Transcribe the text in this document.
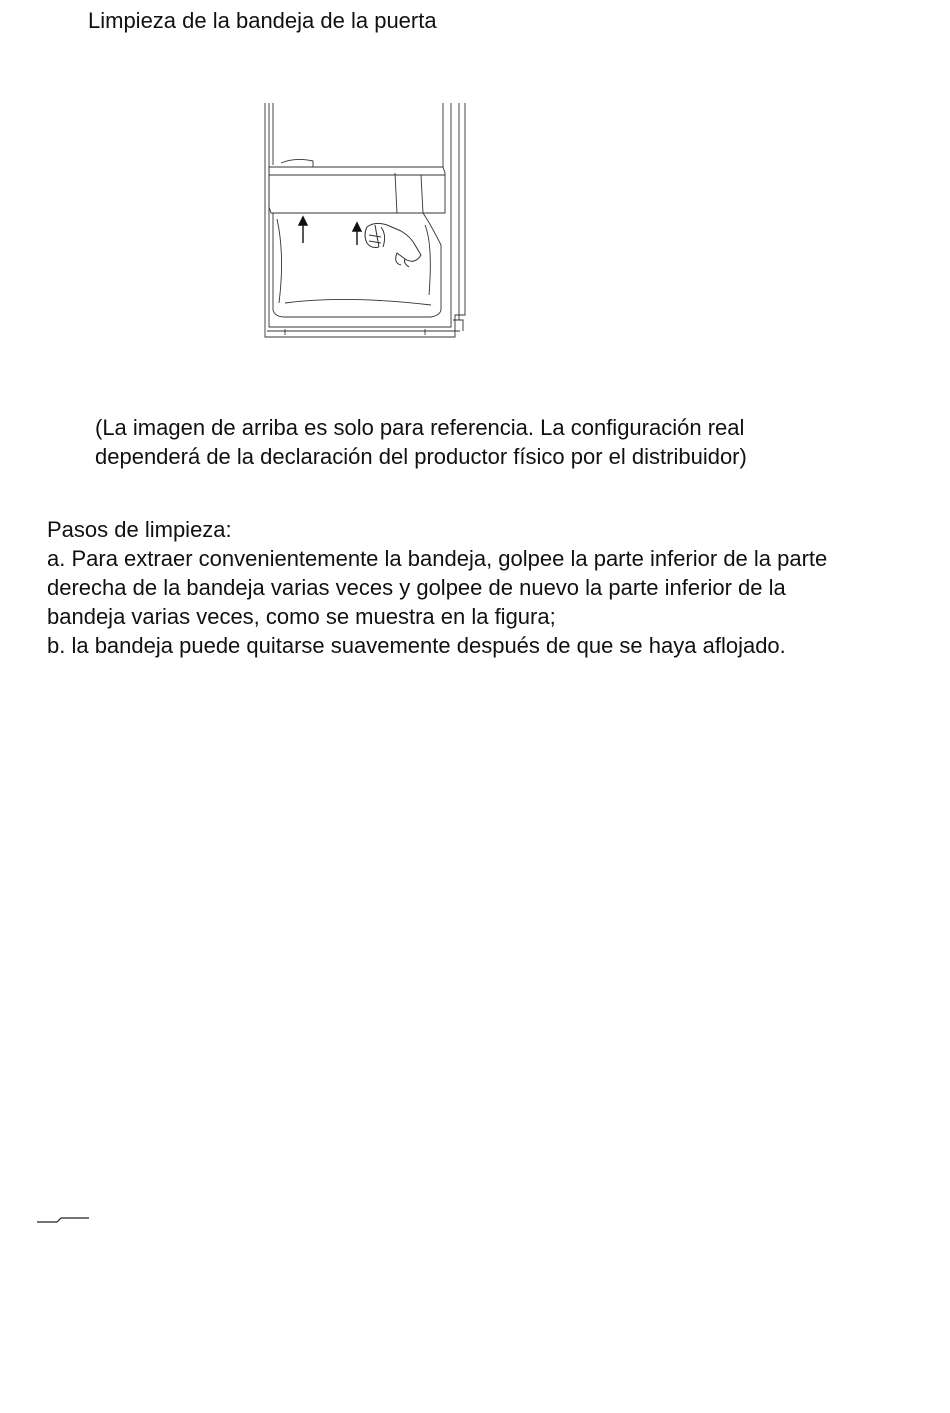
Limpieza de la bandeja de la puerta
(La imagen de arriba es solo para referencia. La configuración real
dependerá de la declaración del productor físico por el distribuidor)
Pasos de limpieza:
a. Para extraer convenientemente la bandeja, golpee la parte inferior de la parte
derecha de la bandeja varias veces y golpee de nuevo la parte inferior de la
bandeja varias veces, como se muestra en la figura;
b. la bandeja puede quitarse suavemente después de que se haya aflojado.
